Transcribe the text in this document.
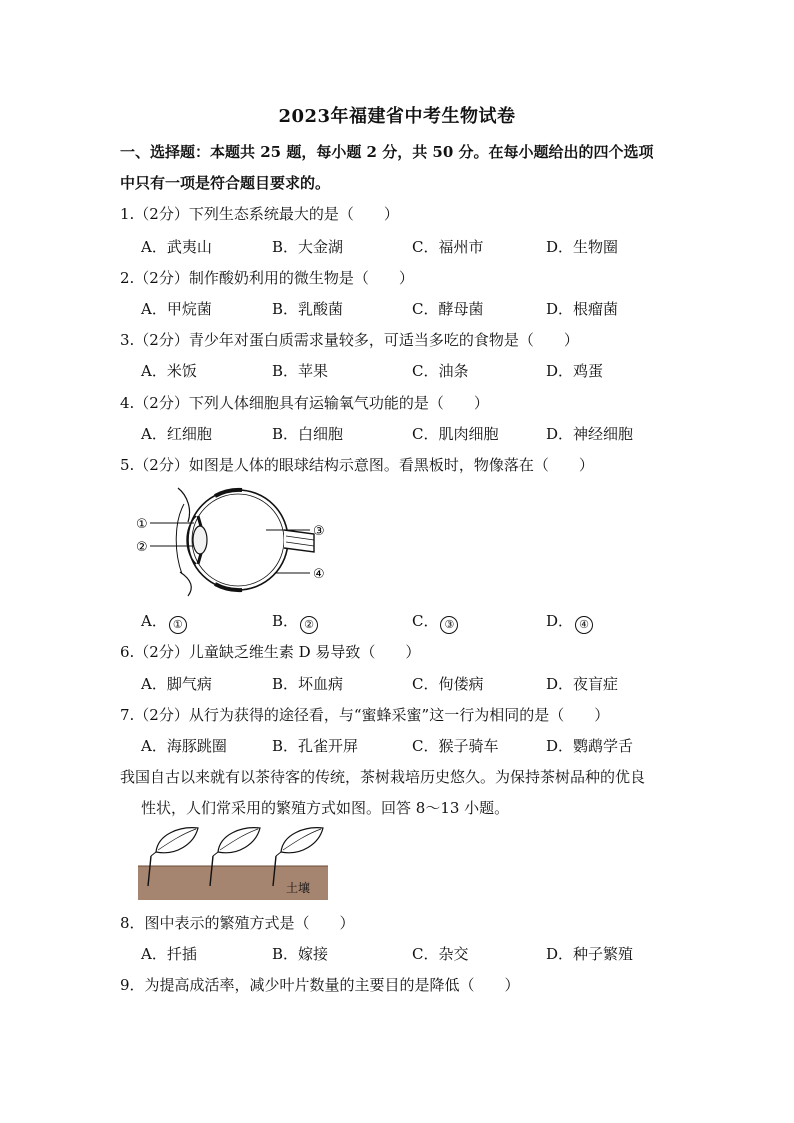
2023年福建省中考生物试卷
一、选择题：本题共 25 题，每小题 2 分，共 50 分。在每小题给出的四个选项
中只有一项是符合题目要求的。
1.（2分）下列生态系统最大的是（　　）
A．武夷山	B．大金湖	C．福州市	D．生物圈
2.（2分）制作酸奶利用的微生物是（　　）
A．甲烷菌	B．乳酸菌	C．酵母菌	D．根瘤菌
3.（2分）青少年对蛋白质需求量较多，可适当多吃的食物是（　　）
A．米饭	B．苹果	C．油条	D．鸡蛋
4.（2分）下列人体细胞具有运输氧气功能的是（　　）
A．红细胞	B．白细胞	C．肌肉细胞	D．神经细胞
5.（2分）如图是人体的眼球结构示意图。看黑板时，物像落在（　　）
①
②
③
④
A． ①	B． ②	C． ③	D． ④
6.（2分）儿童缺乏维生素 D 易导致（　　）
A．脚气病	B．坏血病	C．佝偻病	D．夜盲症
7.（2分）从行为获得的途径看，与“蜜蜂采蜜”这一行为相同的是（　　）
A．海豚跳圈	B．孔雀开屏	C．猴子骑车	D．鹦鹉学舌
我国自古以来就有以茶待客的传统，茶树栽培历史悠久。为保持茶树品种的优良
性状，人们常采用的繁殖方式如图。回答 8～13 小题。
土壤
8．图中表示的繁殖方式是（　　）
A．扦插	B．嫁接	C．杂交	D．种子繁殖
9．为提高成活率，减少叶片数量的主要目的是降低（　　）
